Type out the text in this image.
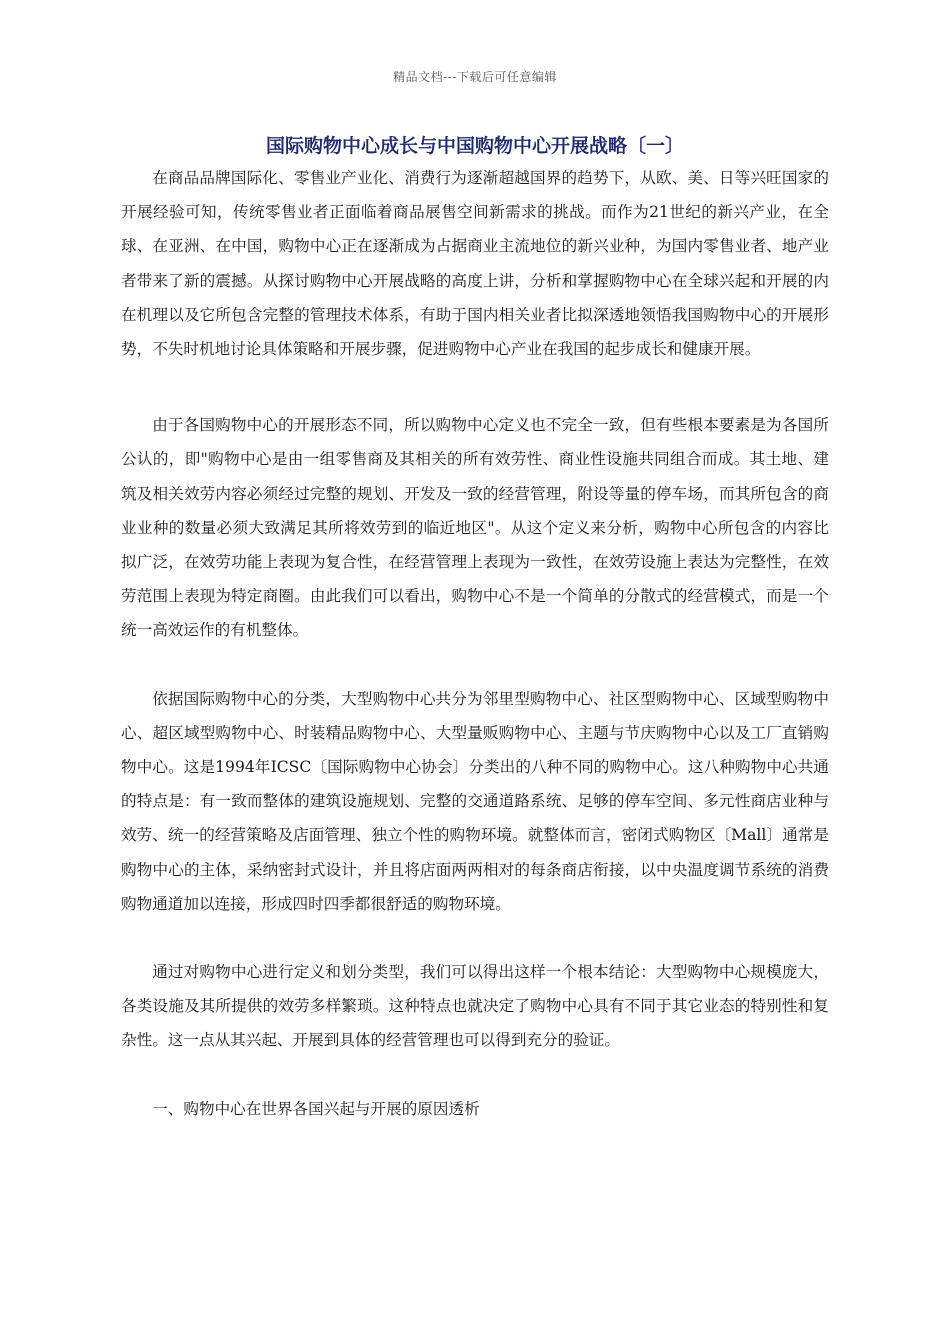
精品文档---下载后可任意编辑
国际购物中心成长与中国购物中心开展战略〔一〕

在商品品牌国际化、零售业产业化、消费行为逐渐超越国界的趋势下，从欧、美、日等兴旺国家的开展经验可知，传统零售业者正面临着商品展售空间新需求的挑战。而作为21世纪的新兴产业，在全球、在亚洲、在中国，购物中心正在逐渐成为占据商业主流地位的新兴业种，为国内零售业者、地产业者带来了新的震撼。从探讨购物中心开展战略的高度上讲，分析和掌握购物中心在全球兴起和开展的内在机理以及它所包含完整的管理技术体系，有助于国内相关业者比拟深透地领悟我国购物中心的开展形势，不失时机地讨论具体策略和开展步骤，促进购物中心产业在我国的起步成长和健康开展。

由于各国购物中心的开展形态不同，所以购物中心定义也不完全一致，但有些根本要素是为各国所公认的，即"购物中心是由一组零售商及其相关的所有效劳性、商业性设施共同组合而成。其土地、建筑及相关效劳内容必须经过完整的规划、开发及一致的经营管理，附设等量的停车场，而其所包含的商业业种的数量必须大致满足其所将效劳到的临近地区"。从这个定义来分析，购物中心所包含的内容比拟广泛，在效劳功能上表现为复合性，在经营管理上表现为一致性，在效劳设施上表达为完整性，在效劳范围上表现为特定商圈。由此我们可以看出，购物中心不是一个简单的分散式的经营模式，而是一个统一高效运作的有机整体。

依据国际购物中心的分类，大型购物中心共分为邻里型购物中心、社区型购物中心、区域型购物中心、超区域型购物中心、时装精品购物中心、大型量贩购物中心、主题与节庆购物中心以及工厂直销购物中心。这是1994年ICSC〔国际购物中心协会〕分类出的八种不同的购物中心。这八种购物中心共通的特点是：有一致而整体的建筑设施规划、完整的交通道路系统、足够的停车空间、多元性商店业种与效劳、统一的经营策略及店面管理、独立个性的购物环境。就整体而言，密闭式购物区〔Mall〕通常是购物中心的主体，采纳密封式设计，并且将店面两两相对的每条商店衔接，以中央温度调节系统的消费购物通道加以连接，形成四时四季都很舒适的购物环境。

通过对购物中心进行定义和划分类型，我们可以得出这样一个根本结论：大型购物中心规模庞大，各类设施及其所提供的效劳多样繁琐。这种特点也就决定了购物中心具有不同于其它业态的特别性和复杂性。这一点从其兴起、开展到具体的经营管理也可以得到充分的验证。

一、购物中心在世界各国兴起与开展的原因透析
